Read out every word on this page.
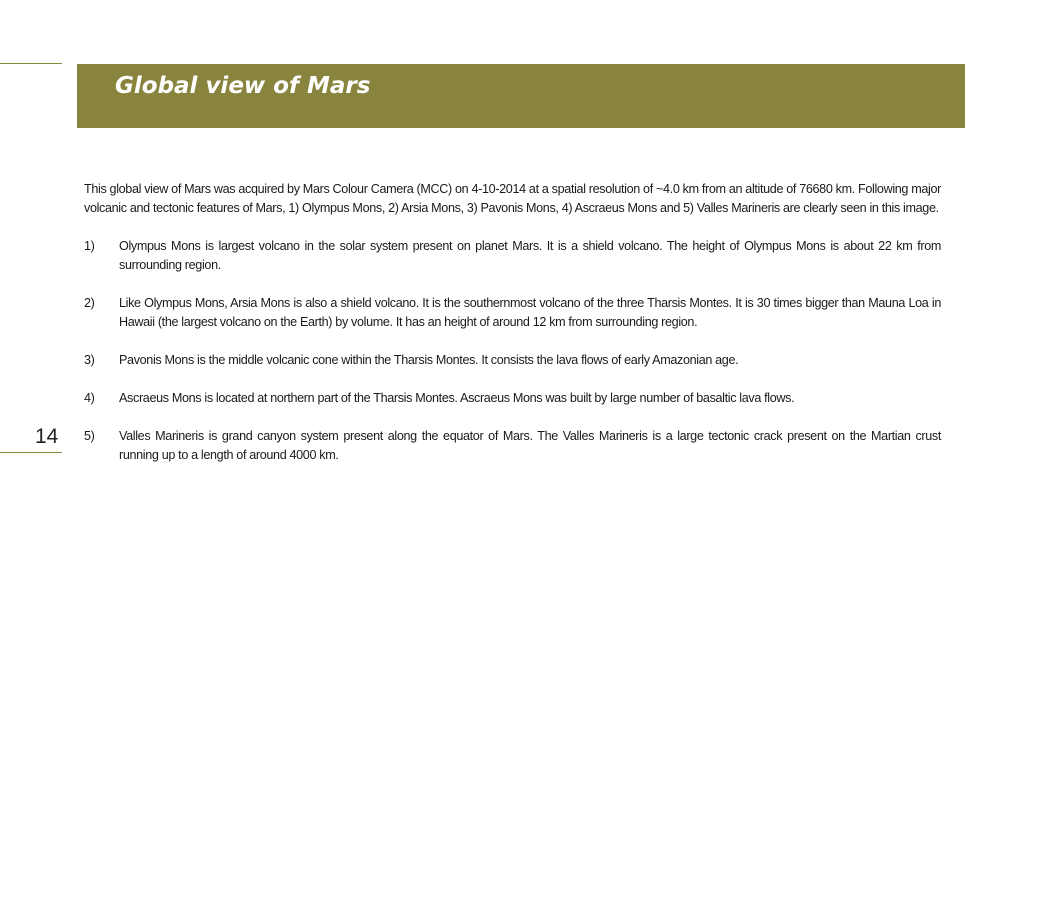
Global view of Mars
14

This global view of Mars was acquired by Mars Colour Camera (MCC) on 4-10-2014 at a spatial resolution of ~4.0 km from an altitude of 76680 km. Following major volcanic and tectonic features of Mars, 1) Olympus Mons, 2) Arsia Mons, 3) Pavonis Mons, 4) Ascraeus Mons and 5) Valles Marineris are clearly seen in this image.

1)	Olympus Mons is largest volcano in the solar system present on planet Mars. It is a shield volcano. The height of Olympus Mons is about 22 km from surrounding region.
2)	Like Olympus Mons, Arsia Mons is also a shield volcano. It is the southernmost volcano of the three Tharsis Montes. It is 30 times bigger than Mauna Loa in Hawaii (the largest volcano on the Earth) by volume. It has an height of around 12 km from surrounding region.
3)	Pavonis Mons is the middle volcanic cone within the Tharsis Montes. It consists the lava flows of early Amazonian age.
4)	Ascraeus Mons is located at northern part of the Tharsis Montes. Ascraeus Mons was built by large number of basaltic lava flows.
5)	Valles Marineris is grand canyon system present along the equator of Mars. The Valles Marineris is a large tectonic crack present on the Martian crust running up to a length of around 4000 km.
